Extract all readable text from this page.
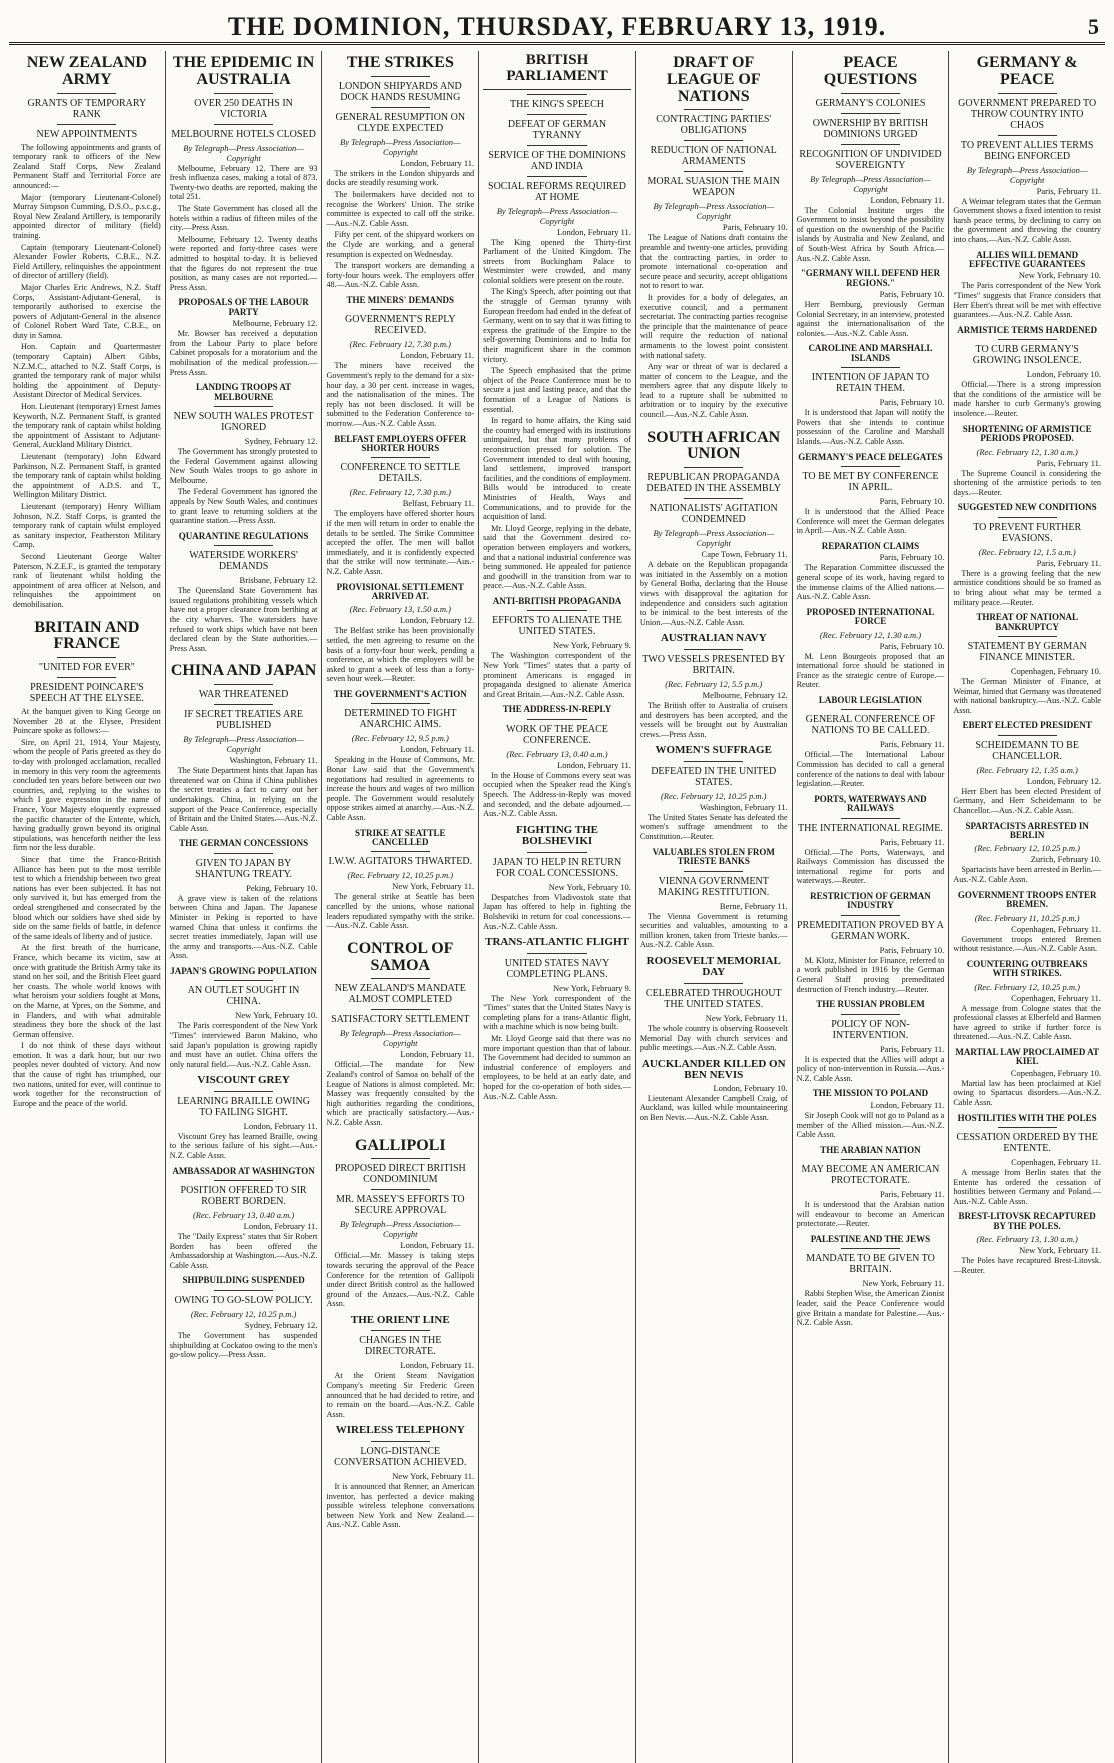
THE DOMINION, THURSDAY, FEBRUARY 13, 1919.	5
NEW ZEALAND ARMY
GRANTS OF TEMPORARY RANK
NEW APPOINTMENTS

The following appointments and grants of temporary rank to officers of the New Zealand Staff Corps, New Zealand Permanent Staff and Territorial Force are announced:—

Major (temporary Lieutenant-Colonel) Murray Simpson Cumming, D.S.O., p.s.c.g., Royal New Zealand Artillery, is temporarily appointed director of military (field) training.

Captain (temporary Lieutenant-Colonel) Alexander Fowler Roberts, C.B.E., N.Z. Field Artillery, relinquishes the appointment of director of artillery (field).

Major Charles Eric Andrews, N.Z. Staff Corps, Assistant-Adjutant-General, is temporarily authorised to exercise the powers of Adjutant-General in the absence of Colonel Robert Ward Tate, C.B.E., on duty in Samoa.

Hon. Captain and Quartermaster (temporary Captain) Albert Gibbs, N.Z.M.C., attached to N.Z. Staff Corps, is granted the temporary rank of major whilst holding the appointment of Deputy-Assistant Director of Medical Services.

Hon. Lieutenant (temporary) Ernest James Keyworth, N.Z. Permanent Staff, is granted the temporary rank of captain whilst holding the appointment of Assistant to Adjutant-General, Auckland Military District.

Lieutenant (temporary) John Edward Parkinson, N.Z. Permanent Staff, is granted the temporary rank of captain whilst holding the appointment of A.D.S. and T., Wellington Military District.

Lieutenant (temporary) Henry William Johnson, N.Z. Staff Corps, is granted the temporary rank of captain whilst employed as sanitary inspector, Featherston Military Camp.

Second Lieutenant George Walter Paterson, N.Z.E.F., is granted the temporary rank of lieutenant whilst holding the appointment of area officer at Nelson, and relinquishes the appointment on demobilisation.

BRITAIN AND FRANCE
"UNITED FOR EVER"
PRESIDENT POINCARE'S SPEECH AT THE ELYSEE.

At the banquet given to King George on November 28 at the Elysee, President Poincare spoke as follows:—

Sire, on April 21, 1914, Your Majesty, whom the people of Paris greeted as they do to-day with prolonged acclamation, recalled in memory in this very room the agreements concluded ten years before between our two countries, and, replying to the wishes to which I gave expression in the name of France, Your Majesty eloquently expressed the pacific character of the Entente, which, having gradually grown beyond its original stipulations, was henceforth neither the less firm nor the less durable.

Since that time the Franco-British Alliance has been put to the most terrible test to which a friendship between two great nations has ever been subjected. It has not only survived it, but has emerged from the ordeal strengthened and consecrated by the blood which our soldiers have shed side by side on the same fields of battle, in defence of the same ideals of liberty and of justice.

At the first breath of the hurricane, France, which became its victim, saw at once with gratitude the British Army take its stand on her soil, and the British Fleet guard her coasts. The whole world knows with what heroism your soldiers fought at Mons, on the Marne, at Ypres, on the Somme, and in Flanders, and with what admirable steadiness they bore the shock of the last German offensive.

I do not think of these days without emotion. It was a dark hour, but our two peoples never doubted of victory. And now that the cause of right has triumphed, our two nations, united for ever, will continue to work together for the reconstruction of Europe and the peace of the world.

THE EPIDEMIC IN AUSTRALIA
OVER 250 DEATHS IN VICTORIA
MELBOURNE HOTELS CLOSED
By Telegraph—Press Association—Copyright

Melbourne, February 12. There are 93 fresh influenza cases, making a total of 873. Twenty-two deaths are reported, making the total 251.

The State Government has closed all the hotels within a radius of fifteen miles of the city.—Press Assn.

Melbourne, February 12. Twenty deaths were reported and forty-three cases were admitted to hospital to-day. It is believed that the figures do not represent the true position, as many cases are not reported.—Press Assn.

PROPOSALS OF THE LABOUR PARTY
Melbourne, February 12.

Mr. Bowser has received a deputation from the Labour Party to place before Cabinet proposals for a moratorium and the mobilisation of the medical profession.—Press Assn.

LANDING TROOPS AT MELBOURNE
NEW SOUTH WALES PROTEST IGNORED
Sydney, February 12.

The Government has strongly protested to the Federal Government against allowing New South Wales troops to go ashore in Melbourne.

The Federal Government has ignored the appeals by New South Wales, and continues to grant leave to returning soldiers at the quarantine station.—Press Assn.

QUARANTINE REGULATIONS
WATERSIDE WORKERS' DEMANDS
Brisbane, February 12.

The Queensland State Government has issued regulations prohibiting vessels which have not a proper clearance from berthing at the city wharves. The watersiders have refused to work ships which have not been declared clean by the State authorities.—Press Assn.

CHINA AND JAPAN
WAR THREATENED
IF SECRET TREATIES ARE PUBLISHED
By Telegraph—Press Association—Copyright
Washington, February 11.

The State Department hints that Japan has threatened war on China if China publishes the secret treaties a fact to carry out her undertakings. China, in relying on the support of the Peace Conference, especially of Britain and the United States.—Aus.-N.Z. Cable Assn.

THE GERMAN CONCESSIONS
GIVEN TO JAPAN BY SHANTUNG TREATY.
Peking, February 10.

A grave view is taken of the relations between China and Japan. The Japanese Minister in Peking is reported to have warned China that unless it confirms the secret treaties immediately, Japan will use the army and transports.—Aus.-N.Z. Cable Assn.

JAPAN'S GROWING POPULATION
AN OUTLET SOUGHT IN CHINA.
New York, February 10.

The Paris correspondent of the New York "Times" interviewed Baron Makino, who said Japan's population is growing rapidly and must have an outlet. China offers the only natural field.—Aus.-N.Z. Cable Assn.

VISCOUNT GREY
LEARNING BRAILLE OWING TO FAILING SIGHT.
London, February 11.

Viscount Grey has learned Braille, owing to the serious failure of his sight.—Aus.-N.Z. Cable Assn.

AMBASSADOR AT WASHINGTON
POSITION OFFERED TO SIR ROBERT BORDEN.
(Rec. February 13, 0.40 a.m.)
London, February 11.

The "Daily Express" states that Sir Robert Borden has been offered the Ambassadorship at Washington.—Aus.-N.Z. Cable Assn.

SHIPBUILDING SUSPENDED
OWING TO GO-SLOW POLICY.
(Rec. February 12, 10.25 p.m.)
Sydney, February 12.

The Government has suspended shipbuilding at Cockatoo owing to the men's go-slow policy.—Press Assn.

THE STRIKES
LONDON SHIPYARDS AND DOCK HANDS RESUMING
GENERAL RESUMPTION ON CLYDE EXPECTED
By Telegraph—Press Association—Copyright
London, February 11.

The strikers in the London shipyards and docks are steadily resuming work.

The boilermakers have decided not to recognise the Workers' Union. The strike committee is expected to call off the strike.—Aus.-N.Z. Cable Assn.

Fifty per cent. of the shipyard workers on the Clyde are working, and a general resumption is expected on Wednesday.

The transport workers are demanding a forty-four hours week. The employers offer 48.—Aus.-N.Z. Cable Assn.

THE MINERS' DEMANDS
GOVERNMENT'S REPLY RECEIVED.
(Rec. February 12, 7.30 p.m.)
London, February 11.

The miners have received the Government's reply to the demand for a six-hour day, a 30 per cent. increase in wages, and the nationalisation of the mines. The reply has not been disclosed. It will be submitted to the Federation Conference to-morrow.—Aus.-N.Z. Cable Assn.

BELFAST EMPLOYERS OFFER SHORTER HOURS
CONFERENCE TO SETTLE DETAILS.
(Rec. February 12, 7.30 p.m.)
Belfast, February 11.

The employers have offered shorter hours if the men will return in order to enable the details to be settled. The Strike Committee accepted the offer. The men will ballot immediately, and it is confidently expected that the strike will now terminate.—Aus.-N.Z. Cable Assn.

PROVISIONAL SETTLEMENT ARRIVED AT.
(Rec. February 13, 1.50 a.m.)
London, February 12.

The Belfast strike has been provisionally settled, the men agreeing to resume on the basis of a forty-four hour week, pending a conference, at which the employers will be asked to grant a week of less than a forty-seven hour week.—Reuter.

THE GOVERNMENT'S ACTION
DETERMINED TO FIGHT ANARCHIC AIMS.
(Rec. February 12, 9.5 p.m.)
London, February 11.

Speaking in the House of Commons, Mr. Bonar Law said that the Government's negotiations had resulted in agreements to increase the hours and wages of two million people. The Government would resolutely oppose strikes aimed at anarchy.—Aus.-N.Z. Cable Assn.

STRIKE AT SEATTLE CANCELLED
I.W.W. AGITATORS THWARTED.
(Rec. February 12, 10.25 p.m.)
New York, February 11.

The general strike at Seattle has been cancelled by the unions, whose national leaders repudiated sympathy with the strike.—Aus.-N.Z. Cable Assn.

CONTROL OF SAMOA
NEW ZEALAND'S MANDATE ALMOST COMPLETED
SATISFACTORY SETTLEMENT
By Telegraph—Press Association—Copyright
London, February 11.

Official.—The mandate for New Zealand's control of Samoa on behalf of the League of Nations is almost completed. Mr. Massey was frequently consulted by the high authorities regarding the conditions, which are practically satisfactory.—Aus.-N.Z. Cable Assn.

GALLIPOLI
PROPOSED DIRECT BRITISH CONDOMINIUM
MR. MASSEY'S EFFORTS TO SECURE APPROVAL
By Telegraph—Press Association—Copyright
London, February 11.

Official.—Mr. Massey is taking steps towards securing the approval of the Peace Conference for the retention of Gallipoli under direct British control as the hallowed ground of the Anzacs.—Aus.-N.Z. Cable Assn.

THE ORIENT LINE
CHANGES IN THE DIRECTORATE.
London, February 11.

At the Orient Steam Navigation Company's meeting Sir Frederic Green announced that he had decided to retire, and to remain on the board.—Aus.-N.Z. Cable Assn.

WIRELESS TELEPHONY
LONG-DISTANCE CONVERSATION ACHIEVED.
New York, February 11.

It is announced that Renner, an American inventor, has perfected a device making possible wireless telephone conversations between New York and New Zealand.—Aus.-N.Z. Cable Assn.

BRITISH PARLIAMENT
THE KING'S SPEECH
DEFEAT OF GERMAN TYRANNY
SERVICE OF THE DOMINIONS AND INDIA
SOCIAL REFORMS REQUIRED AT HOME
By Telegraph—Press Association—Copyright
London, February 11.

The King opened the Thirty-first Parliament of the United Kingdom. The streets from Buckingham Palace to Westminster were crowded, and many colonial soldiers were present on the route.

The King's Speech, after pointing out that the struggle of German tyranny with European freedom had ended in the defeat of Germany, went on to say that it was fitting to express the gratitude of the Empire to the self-governing Dominions and to India for their magnificent share in the common victory.

The Speech emphasised that the prime object of the Peace Conference must be to secure a just and lasting peace, and that the formation of a League of Nations is essential.

In regard to home affairs, the King said the country had emerged with its institutions unimpaired, but that many problems of reconstruction pressed for solution. The Government intended to deal with housing, land settlement, improved transport facilities, and the conditions of employment. Bills would be introduced to create Ministries of Health, Ways and Communications, and to provide for the acquisition of land.

Mr. Lloyd George, replying in the debate, said that the Government desired co-operation between employers and workers, and that a national industrial conference was being summoned. He appealed for patience and goodwill in the transition from war to peace.—Aus.-N.Z. Cable Assn.

ANTI-BRITISH PROPAGANDA
EFFORTS TO ALIENATE THE UNITED STATES.
New York, February 9.

The Washington correspondent of the New York "Times" states that a party of prominent Americans is engaged in propaganda designed to alienate America and Great Britain.—Aus.-N.Z. Cable Assn.

THE ADDRESS-IN-REPLY
WORK OF THE PEACE CONFERENCE.
(Rec. February 13, 0.40 a.m.)
London, February 11.

In the House of Commons every seat was occupied when the Speaker read the King's Speech. The Address-in-Reply was moved and seconded, and the debate adjourned.—Aus.-N.Z. Cable Assn.

FIGHTING THE BOLSHEVIKI
JAPAN TO HELP IN RETURN FOR COAL CONCESSIONS.
New York, February 10.

Despatches from Vladivostok state that Japan has offered to help in fighting the Bolsheviki in return for coal concessions.—Aus.-N.Z. Cable Assn.

TRANS-ATLANTIC FLIGHT
UNITED STATES NAVY COMPLETING PLANS.
New York, February 9.

The New York correspondent of the "Times" states that the United States Navy is completing plans for a trans-Atlantic flight, with a machine which is now being built.

Mr. Lloyd George said that there was no more important question than that of labour. The Government had decided to summon an industrial conference of employers and employees, to be held at an early date, and hoped for the co-operation of both sides.—Aus.-N.Z. Cable Assn.

DRAFT OF LEAGUE OF NATIONS
CONTRACTING PARTIES' OBLIGATIONS
REDUCTION OF NATIONAL ARMAMENTS
MORAL SUASION THE MAIN WEAPON
By Telegraph—Press Association—Copyright
Paris, February 10.

The League of Nations draft contains the preamble and twenty-one articles, providing that the contracting parties, in order to promote international co-operation and secure peace and security, accept obligations not to resort to war.

It provides for a body of delegates, an executive council, and a permanent secretariat. The contracting parties recognise the principle that the maintenance of peace will require the reduction of national armaments to the lowest point consistent with national safety.

Any war or threat of war is declared a matter of concern to the League, and the members agree that any dispute likely to lead to a rupture shall be submitted to arbitration or to inquiry by the executive council.—Aus.-N.Z. Cable Assn.

SOUTH AFRICAN UNION
REPUBLICAN PROPAGANDA DEBATED IN THE ASSEMBLY
NATIONALISTS' AGITATION CONDEMNED
By Telegraph—Press Association—Copyright
Cape Town, February 11.

A debate on the Republican propaganda was initiated in the Assembly on a motion by General Botha, declaring that the House views with disapproval the agitation for independence and considers such agitation to be inimical to the best interests of the Union.—Aus.-N.Z. Cable Assn.

AUSTRALIAN NAVY
TWO VESSELS PRESENTED BY BRITAIN.
(Rec. February 12, 5.5 p.m.)
Melbourne, February 12.

The British offer to Australia of cruisers and destroyers has been accepted, and the vessels will be brought out by Australian crews.—Press Assn.

WOMEN'S SUFFRAGE
DEFEATED IN THE UNITED STATES.
(Rec. February 12, 10.25 p.m.)
Washington, February 11.

The United States Senate has defeated the women's suffrage amendment to the Constitution.—Reuter.

VALUABLES STOLEN FROM TRIESTE BANKS
VIENNA GOVERNMENT MAKING RESTITUTION.
Berne, February 11.

The Vienna Government is returning securities and valuables, amounting to a million kronen, taken from Trieste banks.—Aus.-N.Z. Cable Assn.

ROOSEVELT MEMORIAL DAY
CELEBRATED THROUGHOUT THE UNITED STATES.
New York, February 11.

The whole country is observing Roosevelt Memorial Day with church services and public meetings.—Aus.-N.Z. Cable Assn.

AUCKLANDER KILLED ON BEN NEVIS
London, February 10.

Lieutenant Alexander Campbell Craig, of Auckland, was killed while mountaineering on Ben Nevis.—Aus.-N.Z. Cable Assn.

PEACE QUESTIONS
GERMANY'S COLONIES
OWNERSHIP BY BRITISH DOMINIONS URGED
RECOGNITION OF UNDIVIDED SOVEREIGNTY
By Telegraph—Press Association—Copyright
London, February 11.

The Colonial Institute urges the Government to insist beyond the possibility of question on the ownership of the Pacific islands by Australia and New Zealand, and of South-West Africa by South Africa.—Aus.-N.Z. Cable Assn.

"GERMANY WILL DEFEND HER REGIONS."
Paris, February 10.

Herr Bernburg, previously German Colonial Secretary, in an interview, protested against the internationalisation of the colonies.—Aus.-N.Z. Cable Assn.

CAROLINE AND MARSHALL ISLANDS
INTENTION OF JAPAN TO RETAIN THEM.
Paris, February 10.

It is understood that Japan will notify the Powers that she intends to continue possession of the Caroline and Marshall Islands.—Aus.-N.Z. Cable Assn.

GERMANY'S PEACE DELEGATES
TO BE MET BY CONFERENCE IN APRIL.
Paris, February 10.

It is understood that the Allied Peace Conference will meet the German delegates in April.—Aus.-N.Z. Cable Assn.

REPARATION CLAIMS
Paris, February 10.

The Reparation Committee discussed the general scope of its work, having regard to the immense claims of the Allied nations.—Aus.-N.Z. Cable Assn.

PROPOSED INTERNATIONAL FORCE
(Rec. February 12, 1.30 a.m.)
Paris, February 10.

M. Leon Bourgeois proposed that an international force should be stationed in France as the strategic centre of Europe.—Reuter.

LABOUR LEGISLATION
GENERAL CONFERENCE OF NATIONS TO BE CALLED.
Paris, February 11.

Official.—The International Labour Commission has decided to call a general conference of the nations to deal with labour legislation.—Reuter.

PORTS, WATERWAYS AND RAILWAYS
THE INTERNATIONAL REGIME.
Paris, February 11.

Official.—The Ports, Waterways, and Railways Commission has discussed the international regime for ports and waterways.—Reuter.

RESTRICTION OF GERMAN INDUSTRY
PREMEDITATION PROVED BY A GERMAN WORK.
Paris, February 10.

M. Klotz, Minister for Finance, referred to a work published in 1916 by the German General Staff proving premeditated destruction of French industry.—Reuter.

THE RUSSIAN PROBLEM
POLICY OF NON-INTERVENTION.
Paris, February 11.

It is expected that the Allies will adopt a policy of non-intervention in Russia.—Aus.-N.Z. Cable Assn.

THE MISSION TO POLAND
London, February 11.

Sir Joseph Cook will not go to Poland as a member of the Allied mission.—Aus.-N.Z. Cable Assn.

THE ARABIAN NATION
MAY BECOME AN AMERICAN PROTECTORATE.
Paris, February 11.

It is understood that the Arabian nation will endeavour to become an American protectorate.—Reuter.

PALESTINE AND THE JEWS
MANDATE TO BE GIVEN TO BRITAIN.
New York, February 11.

Rabbi Stephen Wise, the American Zionist leader, said the Peace Conference would give Britain a mandate for Palestine.—Aus.-N.Z. Cable Assn.

GERMANY & PEACE
GOVERNMENT PREPARED TO THROW COUNTRY INTO CHAOS
TO PREVENT ALLIES TERMS BEING ENFORCED
By Telegraph—Press Association—Copyright
Paris, February 11.

A Weimar telegram states that the German Government shows a fixed intention to resist harsh peace terms, by declining to carry on the government and throwing the country into chaos.—Aus.-N.Z. Cable Assn.

ALLIES WILL DEMAND EFFECTIVE GUARANTEES
New York, February 10.

The Paris correspondent of the New York "Times" suggests that France considers that Herr Ebert's threat will be met with effective guarantees.—Aus.-N.Z. Cable Assn.

ARMISTICE TERMS HARDENED
TO CURB GERMANY'S GROWING INSOLENCE.
London, February 10.

Official.—There is a strong impression that the conditions of the armistice will be made harsher to curb Germany's growing insolence.—Reuter.

SHORTENING OF ARMISTICE PERIODS PROPOSED.
(Rec. February 12, 1.30 a.m.)
Paris, February 11.

The Supreme Council is considering the shortening of the armistice periods to ten days.—Reuter.

SUGGESTED NEW CONDITIONS
TO PREVENT FURTHER EVASIONS.
(Rec. February 12, 1.5 a.m.)
Paris, February 11.

There is a growing feeling that the new armistice conditions should be so framed as to bring about what may be termed a military peace.—Reuter.

THREAT OF NATIONAL BANKRUPTCY
STATEMENT BY GERMAN FINANCE MINISTER.
Copenhagen, February 10.

The German Minister of Finance, at Weimar, hinted that Germany was threatened with national bankruptcy.—Aus.-N.Z. Cable Assn.

EBERT ELECTED PRESIDENT
SCHEIDEMANN TO BE CHANCELLOR.
(Rec. February 12, 1.35 a.m.)
London, February 12.

Herr Ebert has been elected President of Germany, and Herr Scheidemann to be Chancellor.—Aus.-N.Z. Cable Assn.

SPARTACISTS ARRESTED IN BERLIN
(Rec. February 12, 10.25 p.m.)
Zurich, February 10.

Spartacists have been arrested in Berlin.—Aus.-N.Z. Cable Assn.

GOVERNMENT TROOPS ENTER BREMEN.
(Rec. February 11, 10.25 p.m.)
Copenhagen, February 11.

Government troops entered Bremen without resistance.—Aus.-N.Z. Cable Assn.

COUNTERING OUTBREAKS WITH STRIKES.
(Rec. February 12, 10.25 p.m.)
Copenhagen, February 11.

A message from Cologne states that the professional classes at Elberfeld and Barmen have agreed to strike if further force is threatened.—Aus.-N.Z. Cable Assn.

MARTIAL LAW PROCLAIMED AT KIEL
Copenhagen, February 10.

Martial law has been proclaimed at Kiel owing to Spartacus disorders.—Aus.-N.Z. Cable Assn.

HOSTILITIES WITH THE POLES
CESSATION ORDERED BY THE ENTENTE.
Copenhagen, February 11.

A message from Berlin states that the Entente has ordered the cessation of hostilities between Germany and Poland.—Aus.-N.Z. Cable Assn.

BREST-LITOVSK RECAPTURED BY THE POLES.
(Rec. February 13, 1.30 a.m.)
New York, February 11.

The Poles have recaptured Brest-Litovsk.—Reuter.
